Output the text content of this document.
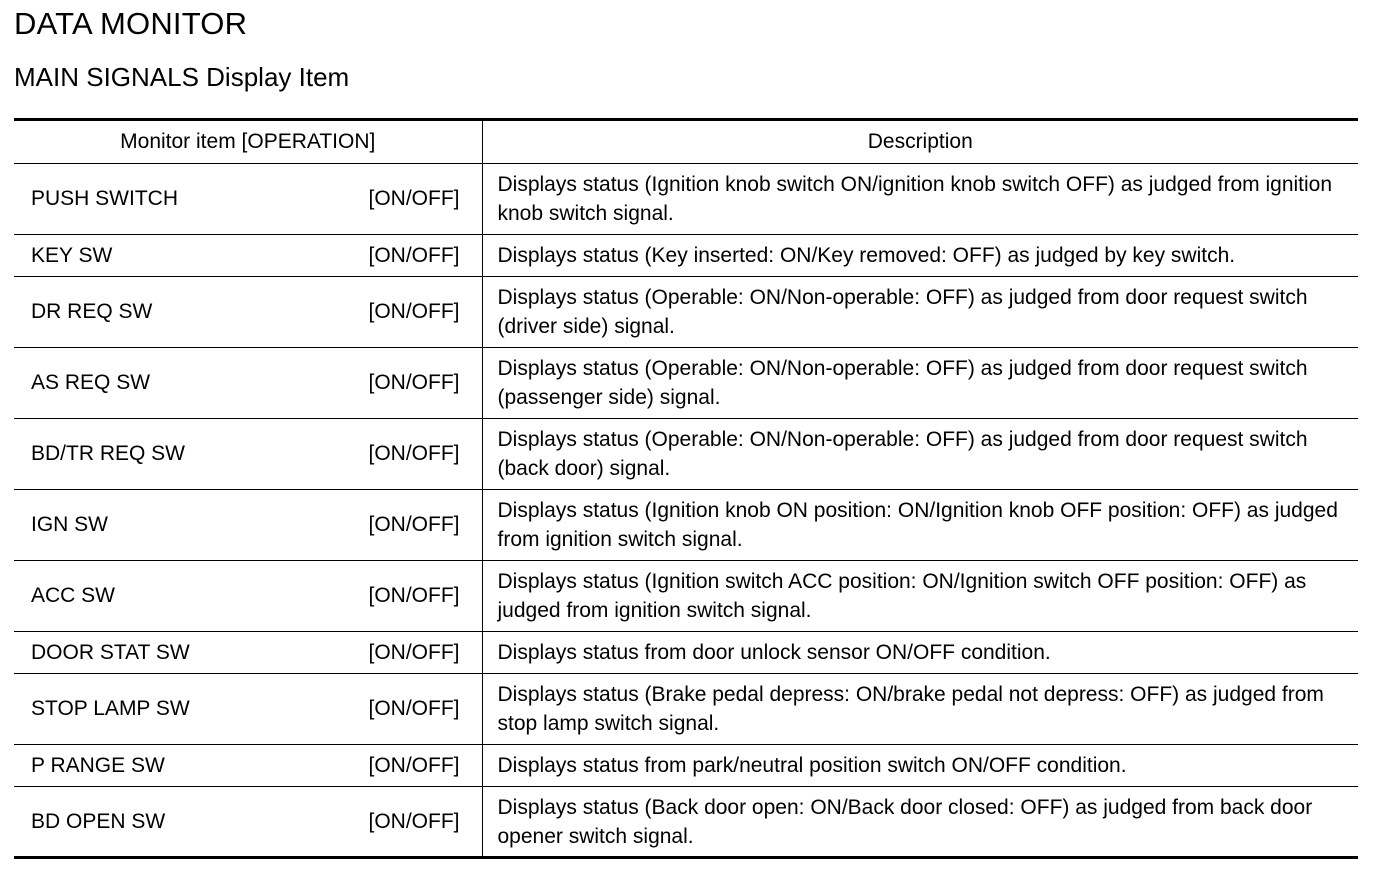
DATA MONITOR
MAIN SIGNALS Display Item
Monitor item [OPERATION]	Description

PUSH SWITCH [ON/OFF]	Displays status (Ignition knob switch ON/ignition knob switch OFF) as judged from ignition knob switch signal.

KEY SW [ON/OFF]	Displays status (Key inserted: ON/Key removed: OFF) as judged by key switch.

DR REQ SW [ON/OFF]	Displays status (Operable: ON/Non-operable: OFF) as judged from door request switch (driver side) signal.

AS REQ SW [ON/OFF]	Displays status (Operable: ON/Non-operable: OFF) as judged from door request switch (passenger side) signal.

BD/TR REQ SW [ON/OFF]	Displays status (Operable: ON/Non-operable: OFF) as judged from door request switch (back door) signal.

IGN SW [ON/OFF]	Displays status (Ignition knob ON position: ON/Ignition knob OFF position: OFF) as judged from ignition switch signal.

ACC SW [ON/OFF]	Displays status (Ignition switch ACC position: ON/Ignition switch OFF position: OFF) as judged from ignition switch signal.

DOOR STAT SW [ON/OFF]	Displays status from door unlock sensor ON/OFF condition.

STOP LAMP SW [ON/OFF]	Displays status (Brake pedal depress: ON/brake pedal not depress: OFF) as judged from stop lamp switch signal.

P RANGE SW [ON/OFF]	Displays status from park/neutral position switch ON/OFF condition.

BD OPEN SW [ON/OFF]	Displays status (Back door open: ON/Back door closed: OFF) as judged from back door opener switch signal.
